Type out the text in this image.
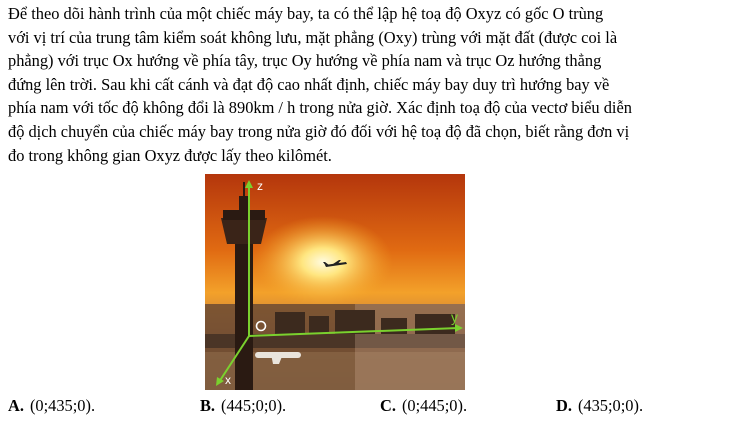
Để theo dõi hành trình của một chiếc máy bay, ta có thể lập hệ toạ độ Oxyz có gốc O trùng
với vị trí của trung tâm kiểm soát không lưu, mặt phẳng (Oxy) trùng với mặt đất (được coi là
phẳng) với trục Ox hướng về phía tây, trục Oy hướng về phía nam và trục Oz hướng thẳng
đứng lên trời. Sau khi cất cánh và đạt độ cao nhất định, chiếc máy bay duy trì hướng bay về
phía nam với tốc độ không đổi là 890km / h trong nửa giờ. Xác định toạ độ của vectơ biểu diễn
độ dịch chuyển của chiếc máy bay trong nửa giờ đó đối với hệ toạ độ đã chọn, biết rằng đơn vị
đo trong không gian Oxyz được lấy theo kilômét.
z
y
x
A. (0;435;0).	B. (445;0;0).	C. (0;445;0).	D. (435;0;0).
